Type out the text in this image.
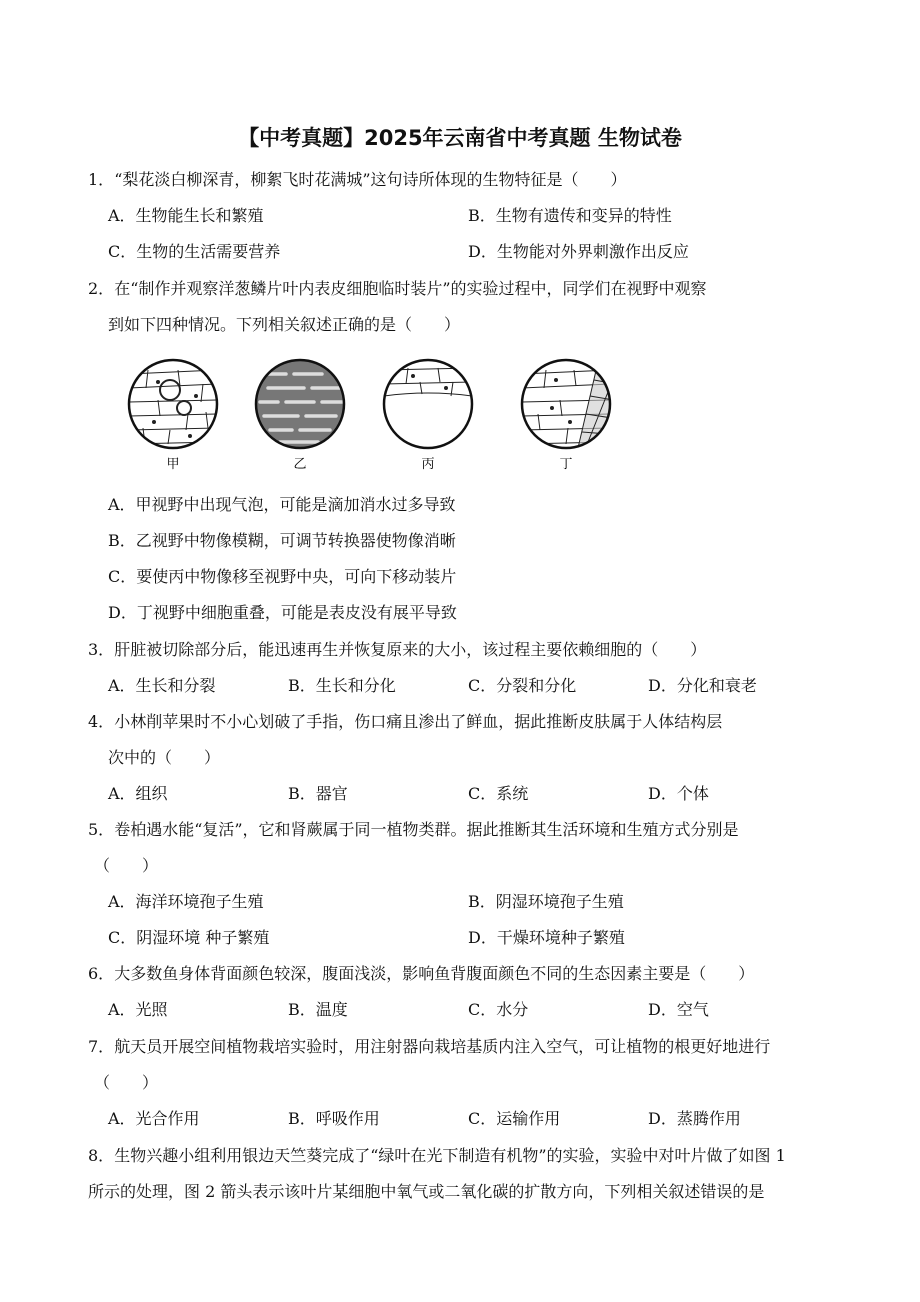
【中考真题】2025年云南省中考真题 生物试卷
1．“梨花淡白柳深青，柳絮飞时花满城”这句诗所体现的生物特征是（　　）
A．生物能生长和繁殖	B．生物有遗传和变异的特性
C．生物的生活需要营养	D．生物能对外界刺激作出反应
2．在“制作并观察洋葱鳞片叶内表皮细胞临时装片”的实验过程中，同学们在视野中观察
到如下四种情况。下列相关叙述正确的是（　　）
甲	乙	丙	丁
A．甲视野中出现气泡，可能是滴加消水过多导致
B．乙视野中物像模糊，可调节转换器使物像消晰
C．要使丙中物像移至视野中央，可向下移动装片
D．丁视野中细胞重叠，可能是表皮没有展平导致
3．肝脏被切除部分后，能迅速再生并恢复原来的大小，该过程主要依赖细胞的（　　）
A．生长和分裂	B．生长和分化	C．分裂和分化	D．分化和衰老
4．小林削苹果时不小心划破了手指，伤口痛且渗出了鲜血，据此推断皮肤属于人体结构层
次中的（　　）
A．组织	B．器官	C．系统	D．个体
5．卷柏遇水能“复活”，它和肾蕨属于同一植物类群。据此推断其生活环境和生殖方式分别是
（　　）
A．海洋环境孢子生殖	B．阴湿环境孢子生殖
C．阴湿环境 种子繁殖	D．干燥环境种子繁殖
6．大多数鱼身体背面颜色较深，腹面浅淡，影响鱼背腹面颜色不同的生态因素主要是（　　）
A．光照	B．温度	C．水分	D．空气
7．航天员开展空间植物栽培实验时，用注射器向栽培基质内注入空气，可让植物的根更好地进行
（　　）
A．光合作用	B．呼吸作用	C．运输作用	D．蒸腾作用
8．生物兴趣小组利用银边天竺葵完成了“绿叶在光下制造有机物”的实验，实验中对叶片做了如图 1
所示的处理，图 2 箭头表示该叶片某细胞中氧气或二氧化碳的扩散方向，下列相关叙述错误的是
